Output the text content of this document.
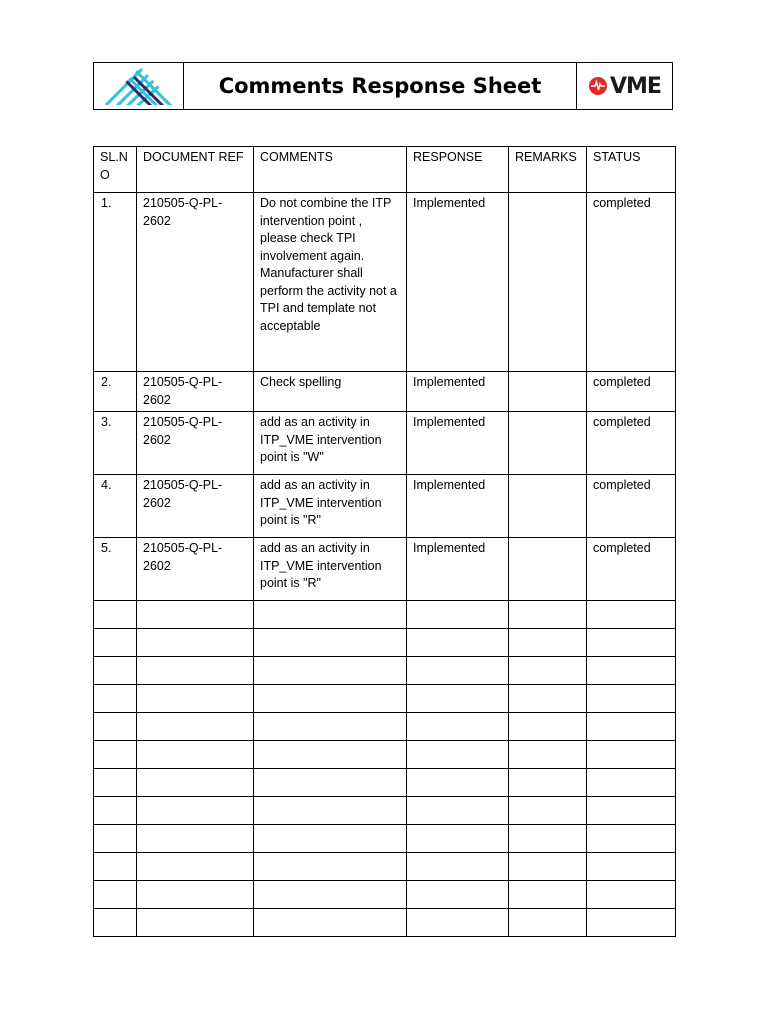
Comments Response Sheet	VME
SL.N O	DOCUMENT REF	COMMENTS	RESPONSE	REMARKS	STATUS
1.	210505-Q-PL-2602	Do not combine the ITP intervention point , please check TPI involvement again. Manufacturer shall perform the activity not a TPI and template not acceptable	Implemented		completed
2.	210505-Q-PL-2602	Check spelling	Implemented		completed
3.	210505-Q-PL-2602	add as an activity in ITP_VME intervention point is "W"	Implemented		completed
4.	210505-Q-PL-2602	add as an activity in ITP_VME intervention point is "R"	Implemented		completed
5.	210505-Q-PL-2602	add as an activity in ITP_VME intervention point is "R"	Implemented		completed
